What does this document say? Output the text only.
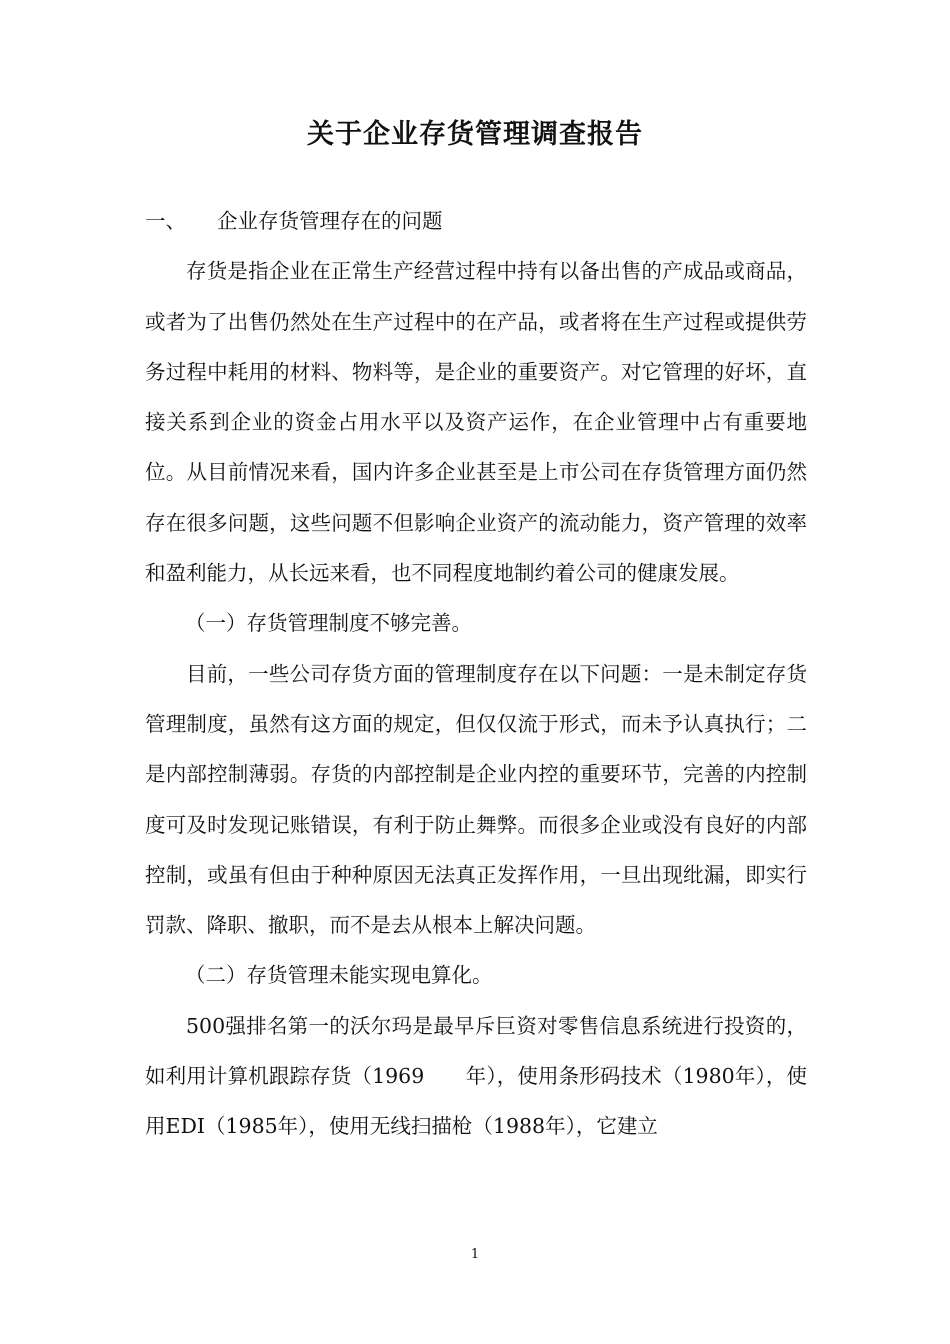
关于企业存货管理调查报告

一、 企业存货管理存在的问题

存货是指企业在正常生产经营过程中持有以备出售的产成品或商品，或者为了出售仍然处在生产过程中的在产品，或者将在生产过程或提供劳务过程中耗用的材料、物料等，是企业的重要资产。对它管理的好坏，直接关系到企业的资金占用水平以及资产运作，在企业管理中占有重要地位。从目前情况来看，国内许多企业甚至是上市公司在存货管理方面仍然存在很多问题，这些问题不但影响企业资产的流动能力，资产管理的效率和盈利能力，从长远来看，也不同程度地制约着公司的健康发展。

（一）存货管理制度不够完善。

目前，一些公司存货方面的管理制度存在以下问题：一是未制定存货管理制度，虽然有这方面的规定，但仅仅流于形式，而未予认真执行；二是内部控制薄弱。存货的内部控制是企业内控的重要环节，完善的内控制度可及时发现记账错误，有利于防止舞弊。而很多企业或没有良好的内部控制，或虽有但由于种种原因无法真正发挥作用，一旦出现纰漏，即实行罚款、降职、撤职，而不是去从根本上解决问题。

（二）存货管理未能实现电算化。

500强排名第一的沃尔玛是最早斥巨资对零售信息系统进行投资的，如利用计算机跟踪存货（1969　　年），使用条形码技术（1980年），使用EDI（1985年），使用无线扫描枪（1988年），它建立

1
